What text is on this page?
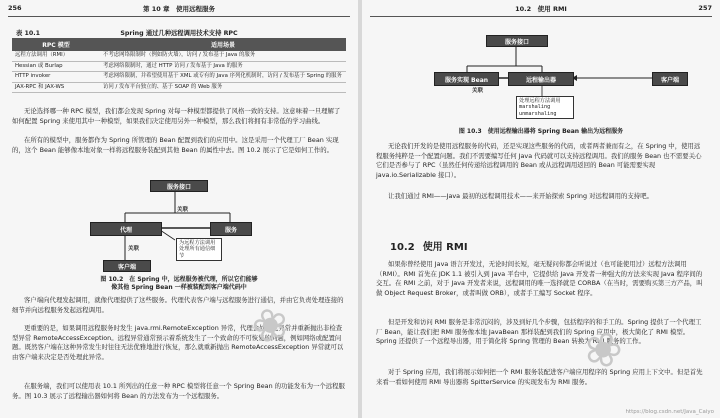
256	第 10 章　使用远程服务
表 10.1	Spring 通过几种远程调用技术支持 RPC
RPC 模型	适用场景
远程方法调用（RMI）	不考虑网络限制时（例如防火墙），访问 / 发布基于 Java 的服务
Hessian 或 Burlap	考虑网络限制时，通过 HTTP 访问 / 发布基于 Java 的服务
HTTP invoker	考虑网络限制，并希望使用基于 XML 或专有的 Java 序列化机制时，访问 / 发布基于 Spring 的服务
JAX-RPC 和 JAX-WS	访问 / 发布平台独立的、基于 SOAP 的 Web 服务

无论选择哪一种 RPC 模型，我们都会发现 Spring 对每一种模型都提供了风格一致的支持。这意味着一旦理解了如何配置 Spring 来使用其中一种模型，如果我们决定使用另外一种模型，那么我们将拥有非常低的学习曲线。

在所有的模型中，服务都作为 Spring 所管理的 Bean 配置到我们的应用中。这是采用一个代理工厂 Bean 实现的，这个 Bean 能够像本地对象一样将远程服务装配到其他 Bean 的属性中去。图 10.2 展示了它是如何工作的。

服务接口
关联
代理	服务
关联
客户端
为远程方法调用处理所有通信细节
图 10.2　在 Spring 中，远程服务被代理，所以它们能够
像其他 Spring Bean 一样被装配到客户端代码中

客户端向代理发起调用，就像代理提供了这些服务。代理代表客户端与远程服务进行通信，并由它负责处理连接的细节并向远程服务发起远程调用。

更重要的是，如果调用远程服务时发生 java.rmi.RemoteException 异常，代理会处理此异常并重新抛出非检查型异常 RemoteAccessException。远程异常通常预示着系统发生了一个致命的不可恢复的问题，例如网络或配置问题。既然客户端在这种异常发生时往往无法优雅地进行恢复，那么就重新抛出 RemoteAccessException 异常就可以由客户端来决定是否处理此异常。

在服务端，我们可以使用表 10.1 所列出的任意一种 RPC 模型将任意一个 Spring Bean 的功能发布为一个远程服务。图 10.3 展示了远程输出器如何将 Bean 的方法发布为一个远程服务。

❀
10.2　使用 RMI	257
服务接口
服务实现 Bean
关联
远程输出器	客户端
处理远程方法调用
marshaling
unmarshaling
图 10.3　使用远程输出器将 Spring Bean 输出为远程服务

无论我们开发的是使用远程服务的代码，还是实现这些服务的代码，或者两者兼而有之，在 Spring 中，使用远程服务纯粹是一个配置问题。我们不需要编写任何 Java 代码就可以支持远程调用。我们的服务 Bean 也不需要关心它们是否参与了 RPC（虽然任何传递给远程调用的 Bean 或从远程调用返回的 Bean 可能需要实现 java.io.Serializable 接口）。

让我们通过 RMI——Java 最初的远程调用技术——来开始探索 Spring 对远程调用的支持吧。

10.2 使用 RMI

如果你曾经使用 Java 语言开发过，无论时间长短，毫无疑问你都会听说过（也可能使用过）远程方法调用（RMI）。RMI 首先在 JDK 1.1 被引入到 Java 平台中，它提供给 Java 开发者一种强大的方法来实现 Java 程序间的交互。在 RMI 之前，对于 Java 开发者来说，远程调用的唯一选择就是 CORBA（在当时，需要购买第三方产品，叫做 Object Request Broker，或者叫做 ORB），或者手工编写 Socket 程序。

但是开发和访问 RMI 服务是非常沉闷的，涉及到好几个步骤，包括程序的和手工的。Spring 提供了一个代理工厂 Bean，能让我们把 RMI 服务像本地 JavaBean 那样装配到我们的 Spring 应用中，极大简化了 RMI 模型。Spring 还提供了一个远程导出器，用于简化将 Spring 管理的 Bean 转换为 RMI 服务的工作。

对于 Spring 应用，我们将展示如何把一个 RMI 服务装配进客户端应用程序的 Spring 应用上下文中。但是首先来看一看如何使用 RMI 导出器将 SpitterService 的实现发布为 RMI 服务。

❀
https://blog.csdn.net/Java_Caiyo
